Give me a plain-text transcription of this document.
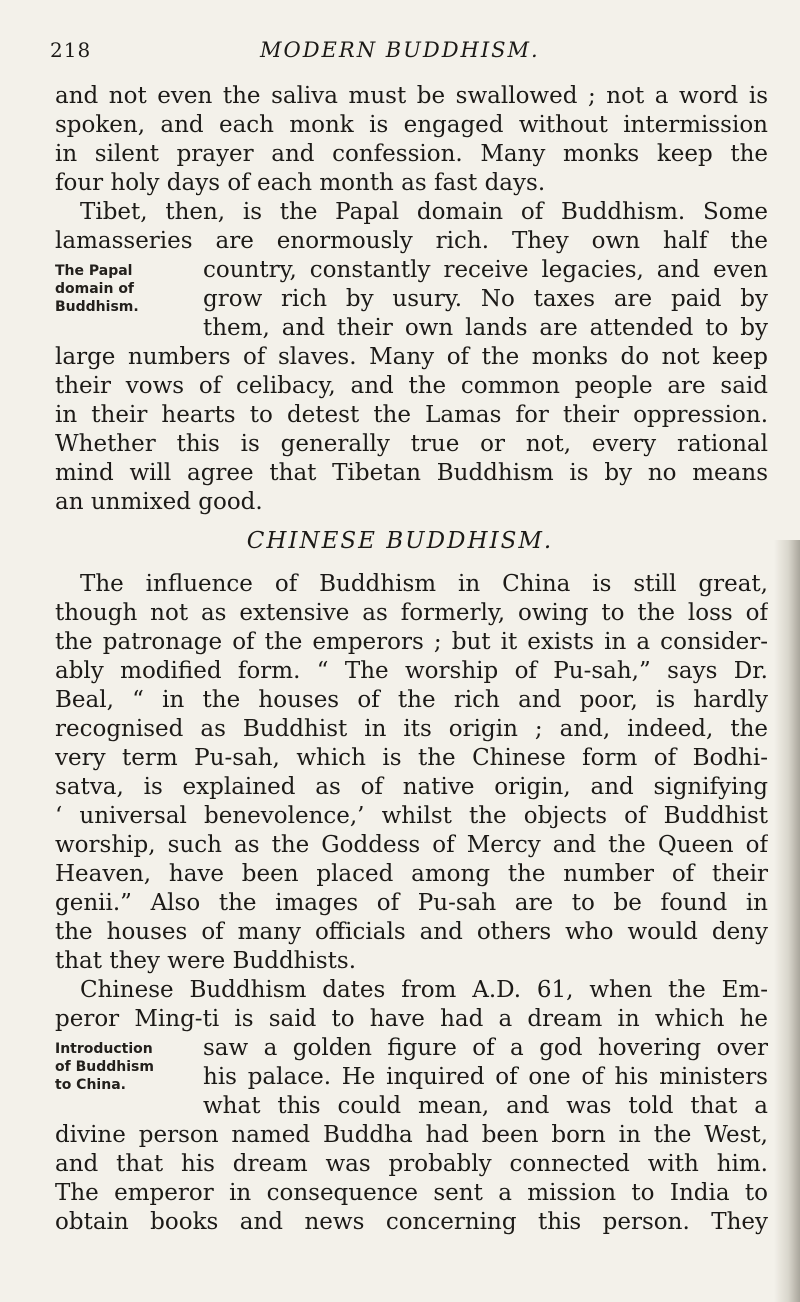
218	MODERN BUDDHISM.
and not even the saliva must be swallowed ; not a word is
spoken, and each monk is engaged without intermission
in silent prayer and confession. Many monks keep the
four holy days of each month as fast days.
Tibet, then, is the Papal domain of Buddhism. Some
lamasseries are enormously rich. They own half the
The Papal
domain of
Buddhism.
country, constantly receive legacies, and even
grow rich by usury. No taxes are paid by
them, and their own lands are attended to by
large numbers of slaves. Many of the monks do not keep
their vows of celibacy, and the common people are said
in their hearts to detest the Lamas for their oppression.
Whether this is generally true or not, every rational
mind will agree that Tibetan Buddhism is by no means
an unmixed good.
CHINESE BUDDHISM.
The influence of Buddhism in China is still great,
though not as extensive as formerly, owing to the loss of
the patronage of the emperors ; but it exists in a consider-
ably modified form. “ The worship of Pu-sah,” says Dr.
Beal, “ in the houses of the rich and poor, is hardly
recognised as Buddhist in its origin ; and, indeed, the
very term Pu-sah, which is the Chinese form of Bodhi-
satva, is explained as of native origin, and signifying
‘ universal benevolence,’ whilst the objects of Buddhist
worship, such as the Goddess of Mercy and the Queen of
Heaven, have been placed among the number of their
genii.” Also the images of Pu-sah are to be found in
the houses of many officials and others who would deny
that they were Buddhists.
Chinese Buddhism dates from A.D. 61, when the Em-
peror Ming-ti is said to have had a dream in which he
Introduction
of Buddhism
to China.
saw a golden figure of a god hovering over
his palace. He inquired of one of his ministers
what this could mean, and was told that a
divine person named Buddha had been born in the West,
and that his dream was probably connected with him.
The emperor in consequence sent a mission to India to
obtain books and news concerning this person. They
